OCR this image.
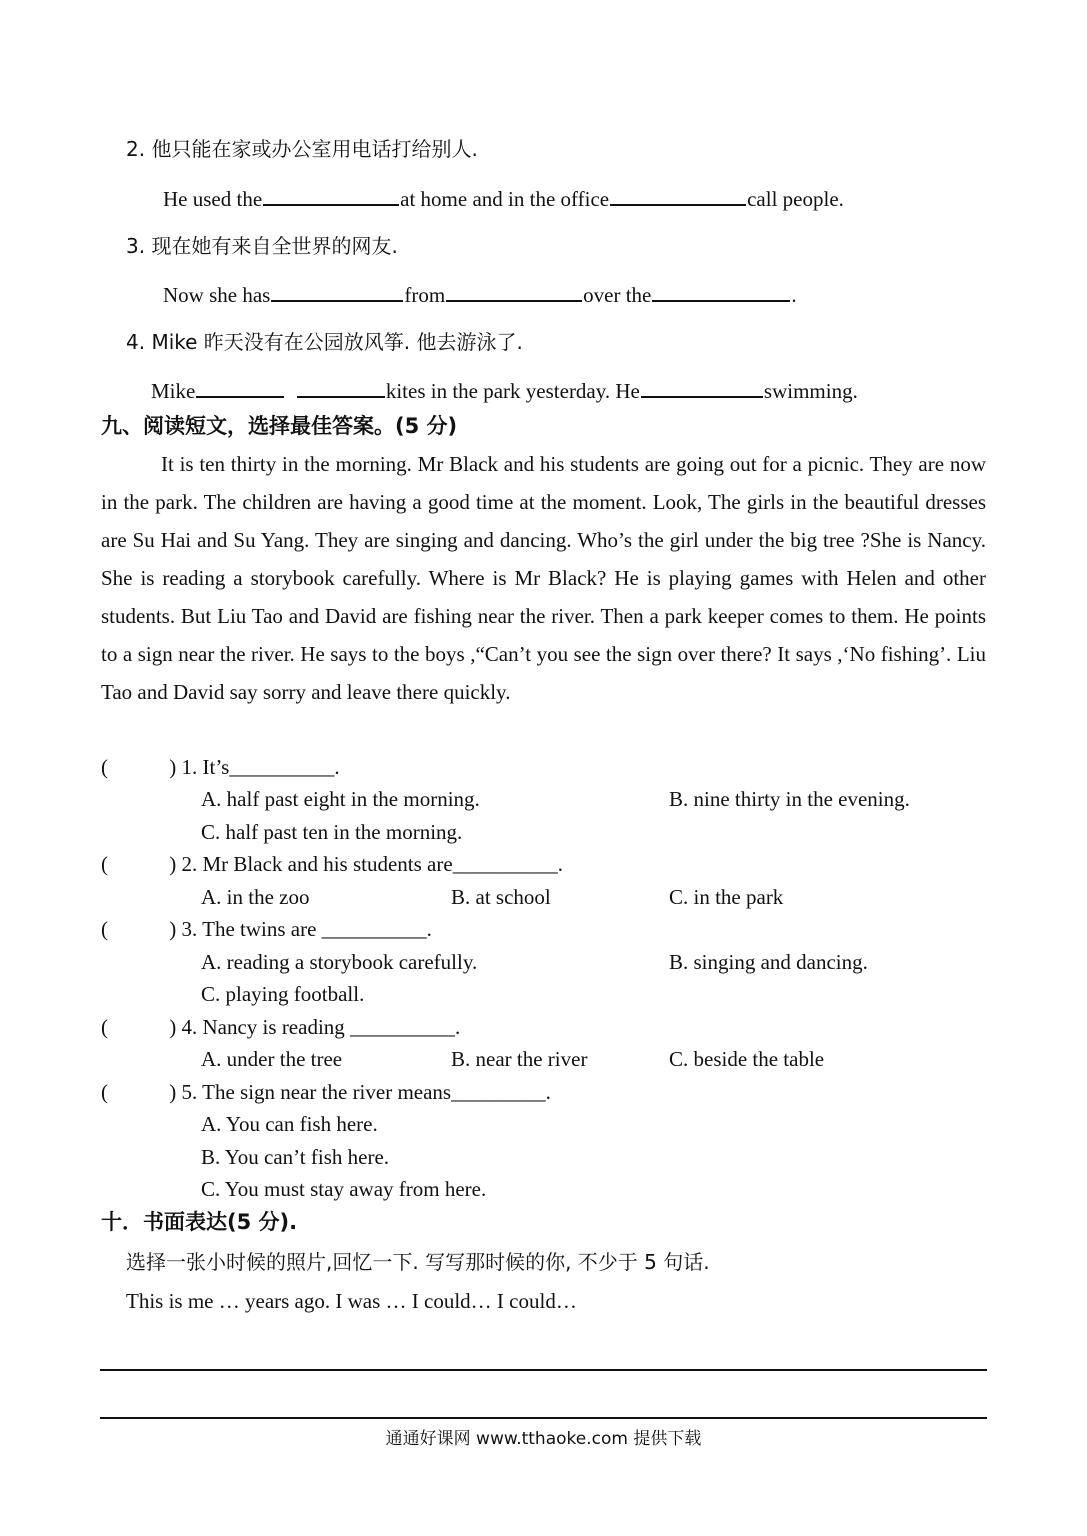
2. 他只能在家或办公室用电话打给别人.
He used the	at home and in the office	call people.
3. 现在她有来自全世界的网友.
Now she has	from	over the	.
4. Mike 昨天没有在公园放风筝. 他去游泳了.
Mike	kites in the park yesterday. He	swimming.
九、阅读短文，选择最佳答案。(5 分)
It is ten thirty in the morning. Mr Black and his students are going out for a picnic. They are now in the park. The children are having a good time at the moment. Look, The girls in the beautiful dresses are Su Hai and Su Yang. They are singing and dancing. Who’s the girl under the big tree ?She is Nancy. She is reading a storybook carefully. Where is Mr Black? He is playing games with Helen and other students. But Liu Tao and David are fishing near the river. Then a park keeper comes to them. He points to a sign near the river. He says to the boys ,“Can’t you see the sign over there? It says ,‘No fishing’. Liu Tao and David say sorry and leave there quickly.
(	) 1. It’s__________.
A. half past eight in the morning.	B. nine thirty in the evening.
C. half past ten in the morning.
(	) 2. Mr Black and his students are__________.
A. in the zoo	B. at school	C. in the park
(	) 3. The twins are __________.
A. reading a storybook carefully.	B. singing and dancing.
C. playing football.
(	) 4. Nancy is reading __________.
A. under the tree	B. near the river	C. beside the table
(	) 5. The sign near the river means_________.
A. You can fish here.
B. You can’t fish here.
C. You must stay away from here.
十．书面表达(5 分).
选择一张小时候的照片,回忆一下. 写写那时候的你, 不少于 5 句话.
This is me … years ago. I was … I could… I could…
通通好课网 www.tthaoke.com 提供下载
